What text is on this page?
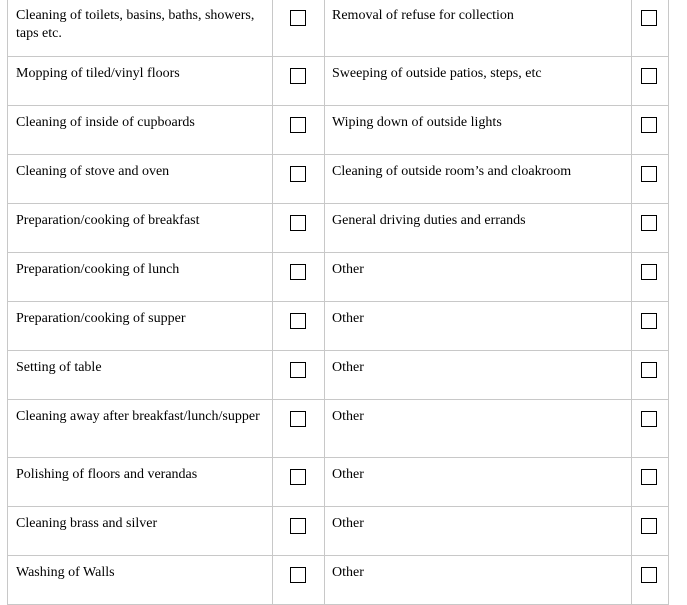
Cleaning of toilets, basins, baths, showers, taps etc.		Removal of refuse for collection	

Mopping of tiled/vinyl floors		Sweeping of outside patios, steps, etc	

Cleaning of inside of cupboards		Wiping down of outside lights	

Cleaning of stove and oven		Cleaning of outside room’s and cloakroom	

Preparation/cooking of breakfast		General driving duties and errands	

Preparation/cooking of lunch		Other	

Preparation/cooking of supper		Other	

Setting of table		Other	

Cleaning away after breakfast/lunch/supper		Other	

Polishing of floors and verandas		Other	

Cleaning brass and silver		Other	

Washing of Walls		Other	
